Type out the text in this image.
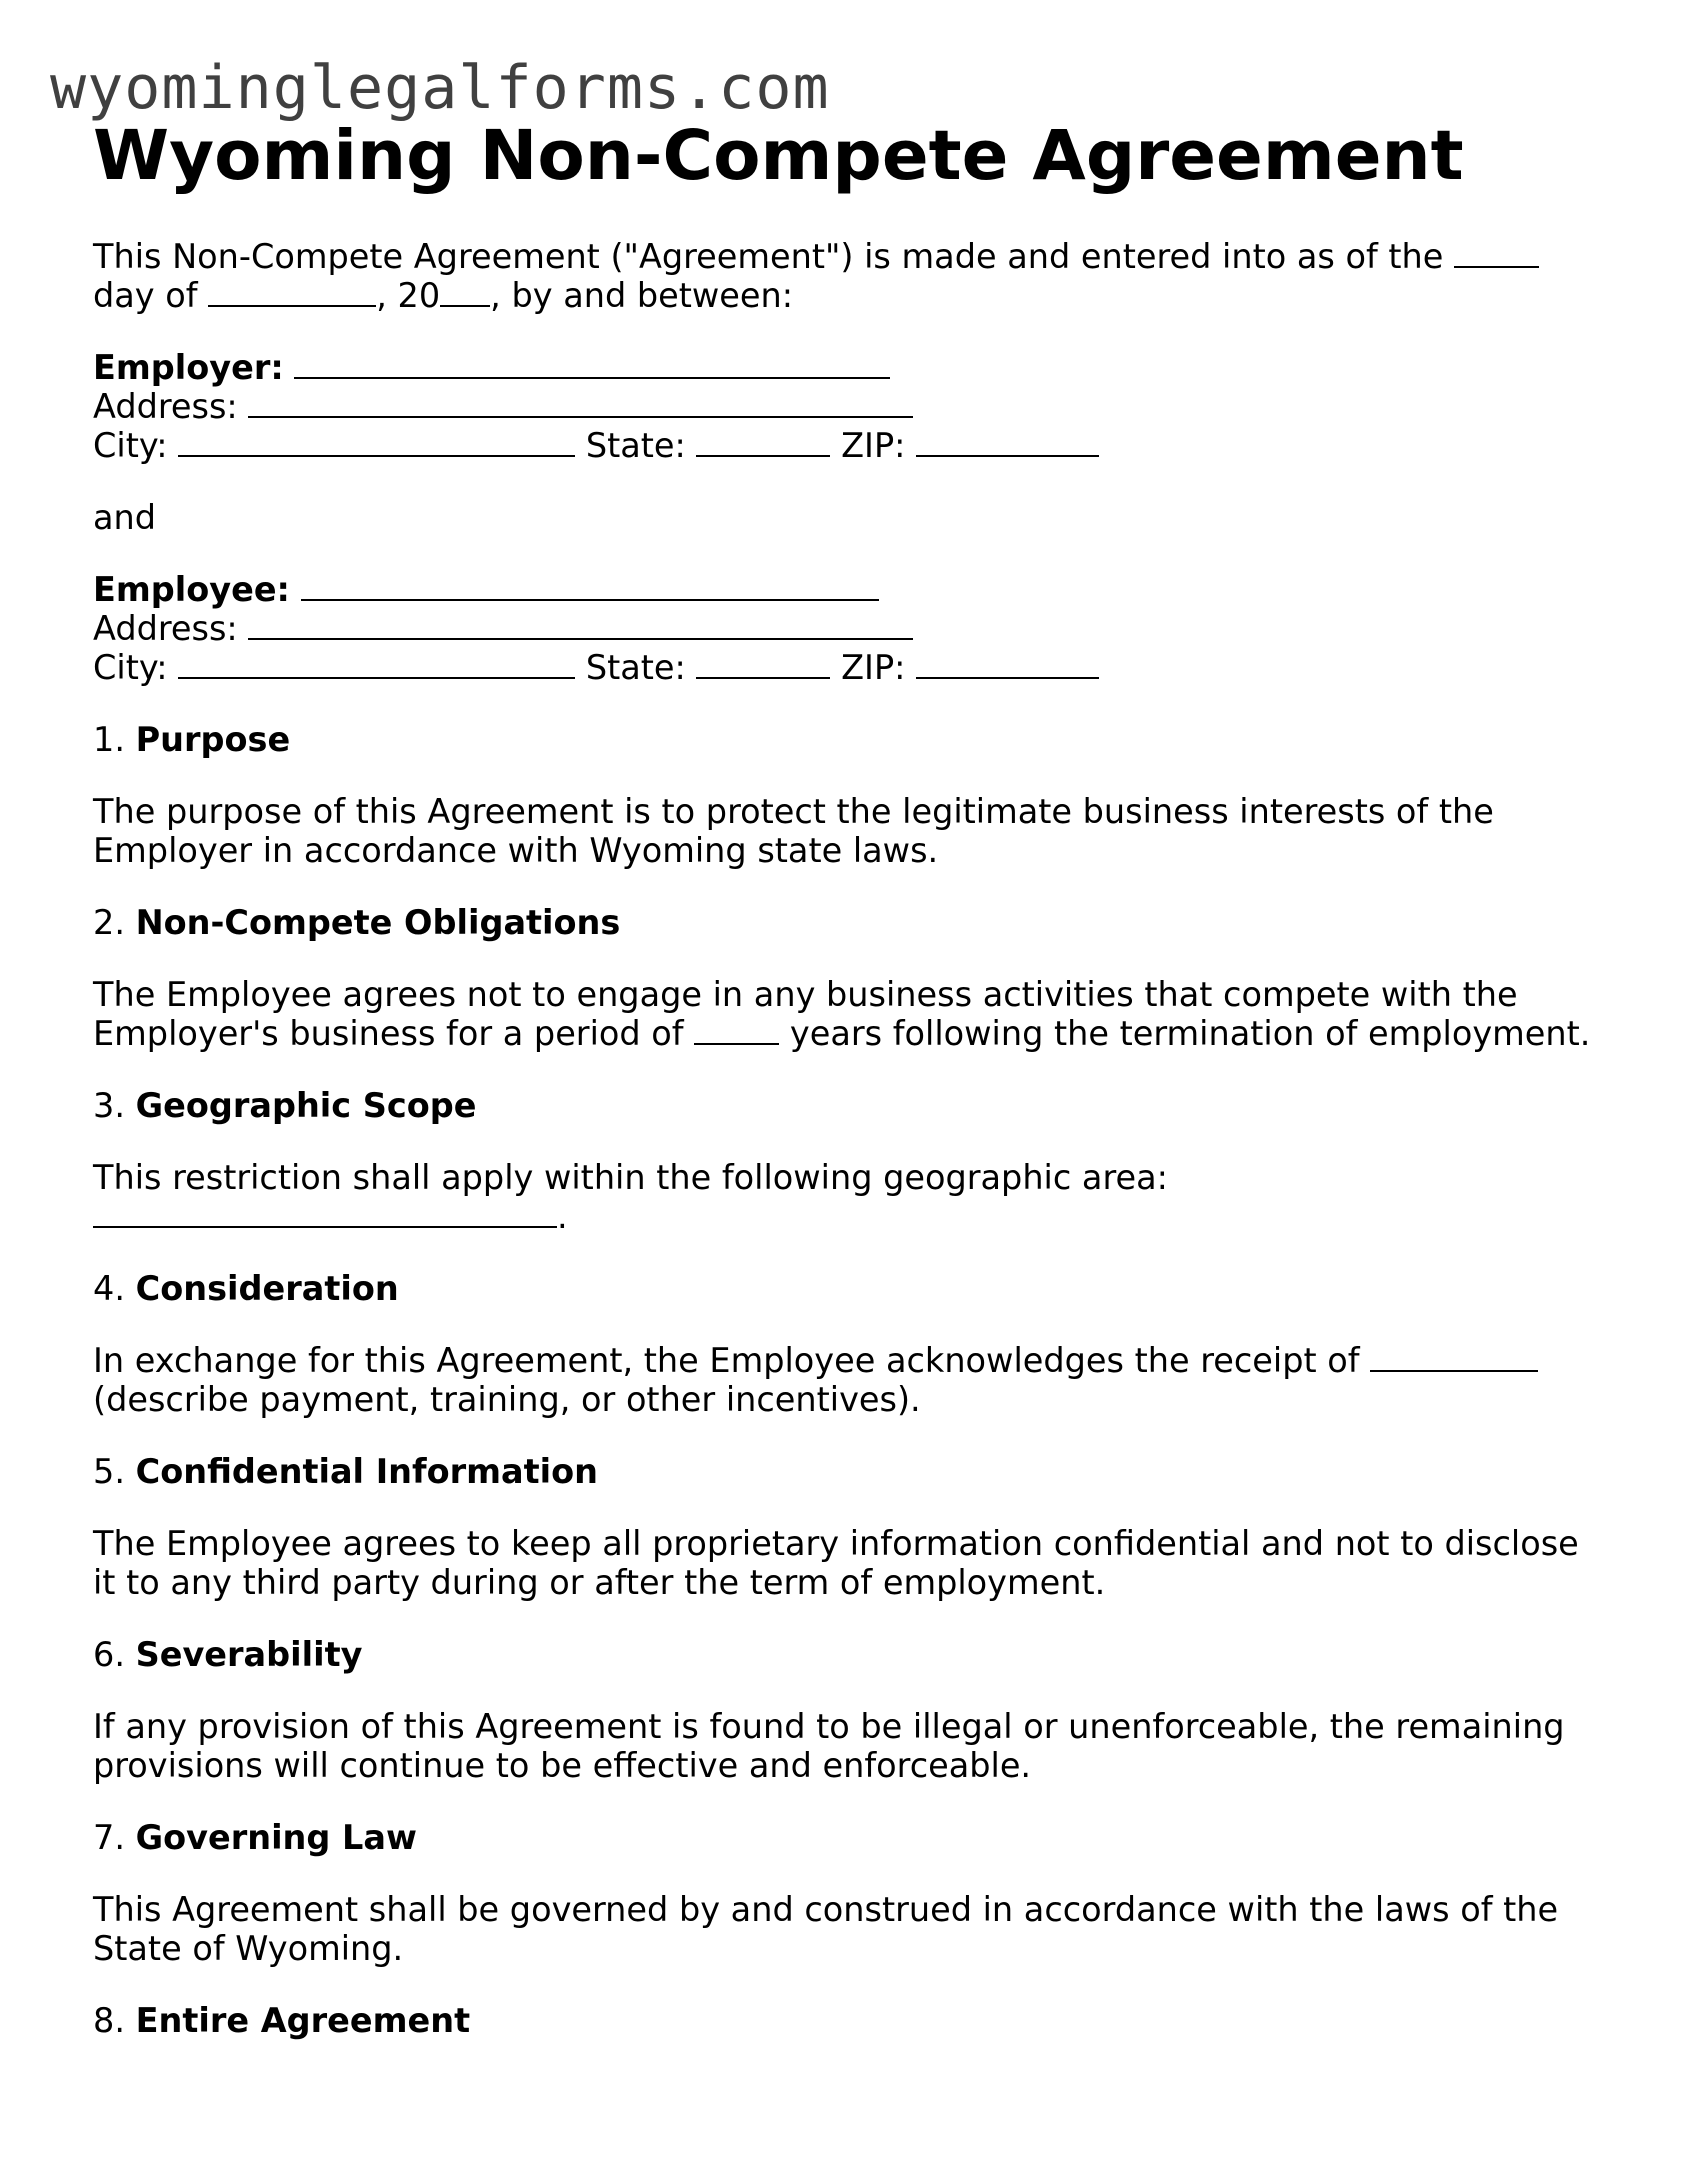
wyominglegalforms.com
Wyoming Non-Compete Agreement

This Non-Compete Agreement ("Agreement") is made and entered into as of the  day of	, 20 , by and between:

Employer:
Address:
City:	State:	ZIP:

and

Employee:
Address:
City:	State:	ZIP:
1. Purpose

The purpose of this Agreement is to protect the legitimate business interests of the Employer in accordance with Wyoming state laws.

2. Non-Compete Obligations

The Employee agrees not to engage in any business activities that compete with the Employer's business for a period of	years following the termination of employment.

3. Geographic Scope

This restriction shall apply within the following geographic area:
.

4. Consideration

In exchange for this Agreement, the Employee acknowledges the receipt of
(describe payment, training, or other incentives).

5. Confidential Information

The Employee agrees to keep all proprietary information confidential and not to disclose it to any third party during or after the term of employment.

6. Severability

If any provision of this Agreement is found to be illegal or unenforceable, the remaining provisions will continue to be effective and enforceable.

7. Governing Law

This Agreement shall be governed by and construed in accordance with the laws of the State of Wyoming.

8. Entire Agreement
